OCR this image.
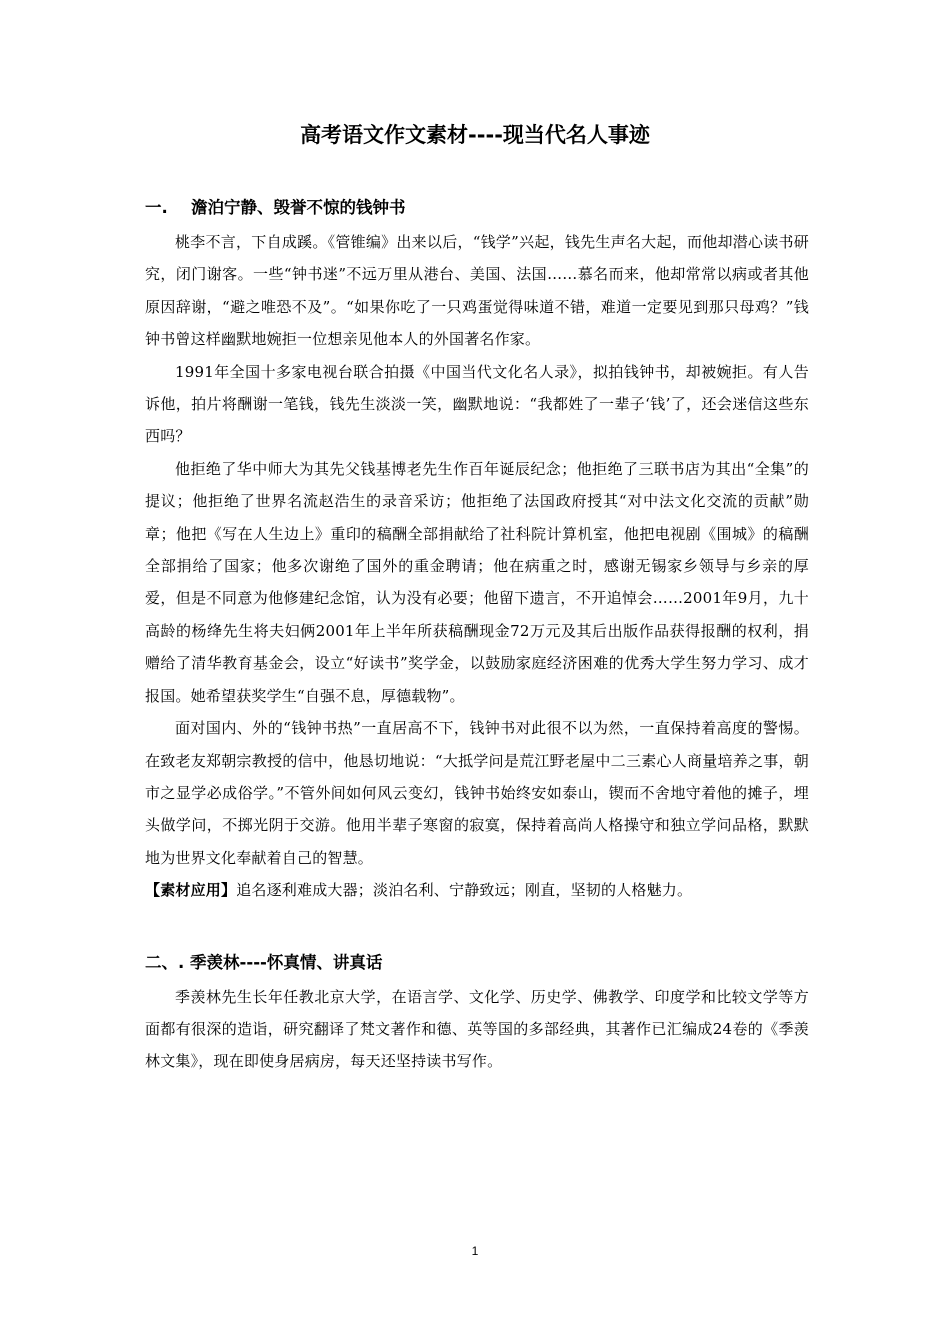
高考语文作文素材----现当代名人事迹
一. 澹泊宁静、毁誉不惊的钱钟书

桃李不言，下自成蹊。《管锥编》出来以后，“钱学”兴起，钱先生声名大起，而他却潜心读书研究，闭门谢客。一些“钟书迷”不远万里从港台、美国、法国……慕名而来，他却常常以病或者其他原因辞谢，“避之唯恐不及”。“如果你吃了一只鸡蛋觉得味道不错，难道一定要见到那只母鸡？”钱钟书曾这样幽默地婉拒一位想亲见他本人的外国著名作家。

1991年全国十多家电视台联合拍摄《中国当代文化名人录》，拟拍钱钟书，却被婉拒。有人告诉他，拍片将酬谢一笔钱，钱先生淡淡一笑，幽默地说：“我都姓了一辈子‘钱’了，还会迷信这些东西吗？

他拒绝了华中师大为其先父钱基博老先生作百年诞辰纪念；他拒绝了三联书店为其出“全集”的提议；他拒绝了世界名流赵浩生的录音采访；他拒绝了法国政府授其“对中法文化交流的贡献”勋章；他把《写在人生边上》重印的稿酬全部捐献给了社科院计算机室，他把电视剧《围城》的稿酬全部捐给了国家；他多次谢绝了国外的重金聘请；他在病重之时，感谢无锡家乡领导与乡亲的厚爱，但是不同意为他修建纪念馆，认为没有必要；他留下遗言，不开追悼会……2001年9月，九十高龄的杨绛先生将夫妇俩2001年上半年所获稿酬现金72万元及其后出版作品获得报酬的权利，捐赠给了清华教育基金会，设立“好读书”奖学金，以鼓励家庭经济困难的优秀大学生努力学习、成才报国。她希望获奖学生“自强不息，厚德载物”。

面对国内、外的“钱钟书热”一直居高不下，钱钟书对此很不以为然，一直保持着高度的警惕。在致老友郑朝宗教授的信中，他恳切地说：“大抵学问是荒江野老屋中二三素心人商量培养之事，朝市之显学必成俗学。”不管外间如何风云变幻，钱钟书始终安如泰山，锲而不舍地守着他的摊子，埋头做学问，不掷光阴于交游。他用半辈子寒窗的寂寞，保持着高尚人格操守和独立学问品格，默默地为世界文化奉献着自己的智慧。

【素材应用】追名逐利难成大器；淡泊名利、宁静致远；刚直，坚韧的人格魅力。

二、. 季羡林----怀真情、讲真话

季羡林先生长年任教北京大学，在语言学、文化学、历史学、佛教学、印度学和比较文学等方面都有很深的造诣，研究翻译了梵文著作和德、英等国的多部经典，其著作已汇编成24卷的《季羡林文集》，现在即使身居病房，每天还坚持读书写作。

1
